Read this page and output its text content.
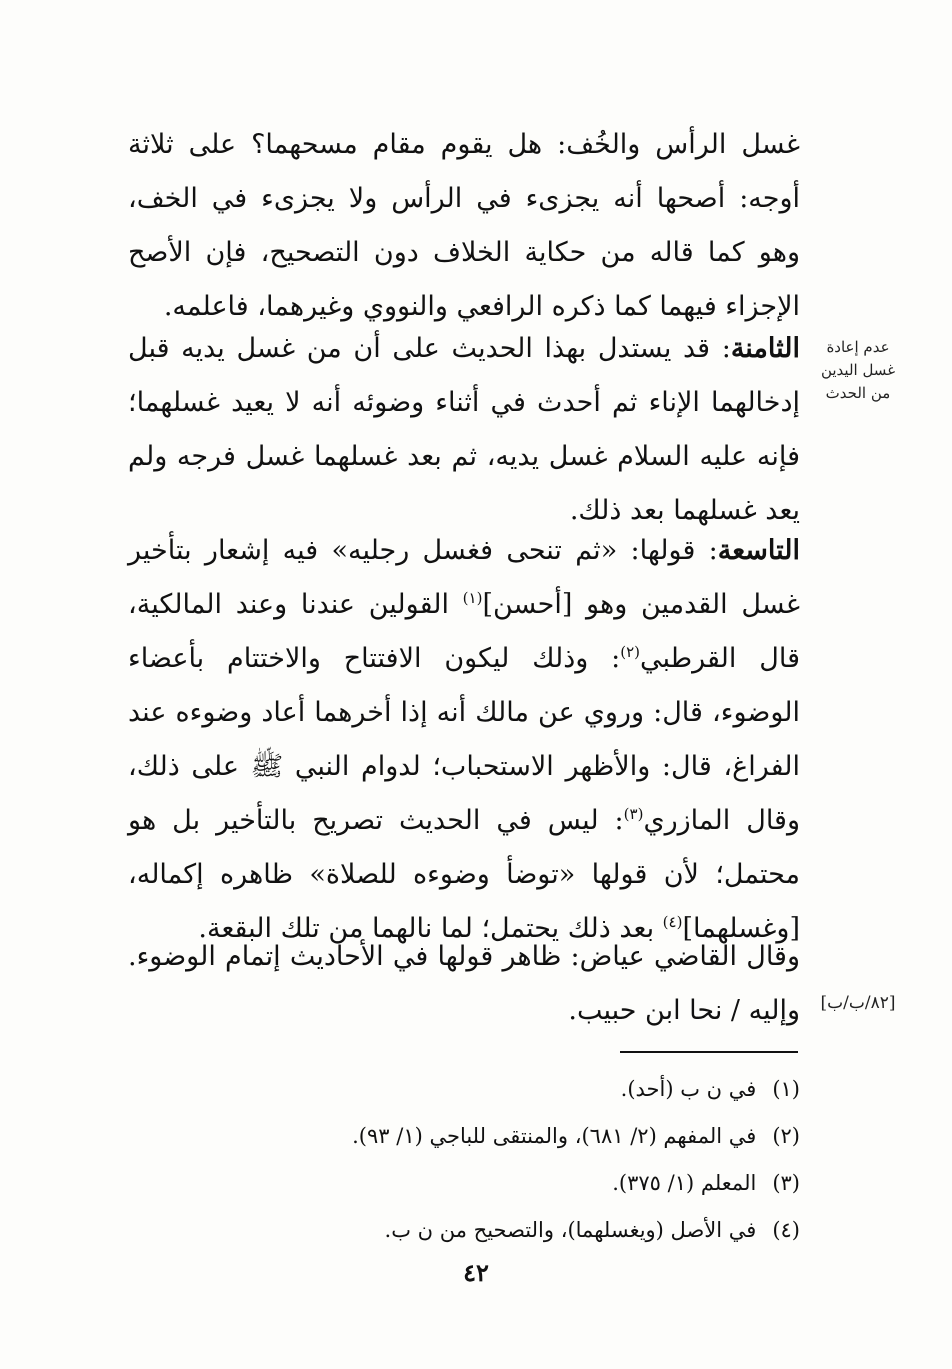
عدم إعادة غسل اليدين من الحدث
[٨٢/ب/ب]
غسل الرأس والخُف: هل يقوم مقام مسحهما؟ على ثلاثة أوجه: أصحها أنه يجزىء في الرأس ولا يجزىء في الخف، وهو كما قاله من حكاية الخلاف دون التصحيح، فإن الأصح الإجزاء فيهما كما ذكره الرافعي والنووي وغيرهما، فاعلمه.
الثامنة: قد يستدل بهذا الحديث على أن من غسل يديه قبل إدخالهما الإناء ثم أحدث في أثناء وضوئه أنه لا يعيد غسلهما؛ فإنه عليه السلام غسل يديه، ثم بعد غسلهما غسل فرجه ولم يعد غسلهما بعد ذلك.
التاسعة: قولها: «ثم تنحى فغسل رجليه» فيه إشعار بتأخير غسل القدمين وهو [أحسن]$^{(١)}$ القولين عندنا وعند المالكية، قال القرطبي$^{(٢)}$: وذلك ليكون الافتتاح والاختتام بأعضاء الوضوء، قال: وروي عن مالك أنه إذا أخرهما أعاد وضوءه عند الفراغ، قال: والأظهر الاستحباب؛ لدوام النبي ﷺ على ذلك، وقال المازري$^{(٣)}$: ليس في الحديث تصريح بالتأخير بل هو محتمل؛ لأن قولها «توضأ وضوءه للصلاة» ظاهره إكماله، [وغسلهما]$^{(٤)}$ بعد ذلك يحتمل؛ لما نالهما من تلك البقعة.
وقال القاضي عياض: ظاهر قولها في الأحاديث إتمام الوضوء. وإليه / نحا ابن حبيب.
(١)في ن ب (أحد).
(٢)في المفهم (٢/ ٦٨١)، والمنتقى للباجي (١/ ٩٣).
(٣)المعلم (١/ ٣٧٥).
(٤)في الأصل (ويغسلهما)، والتصحيح من ن ب.
٤٢
